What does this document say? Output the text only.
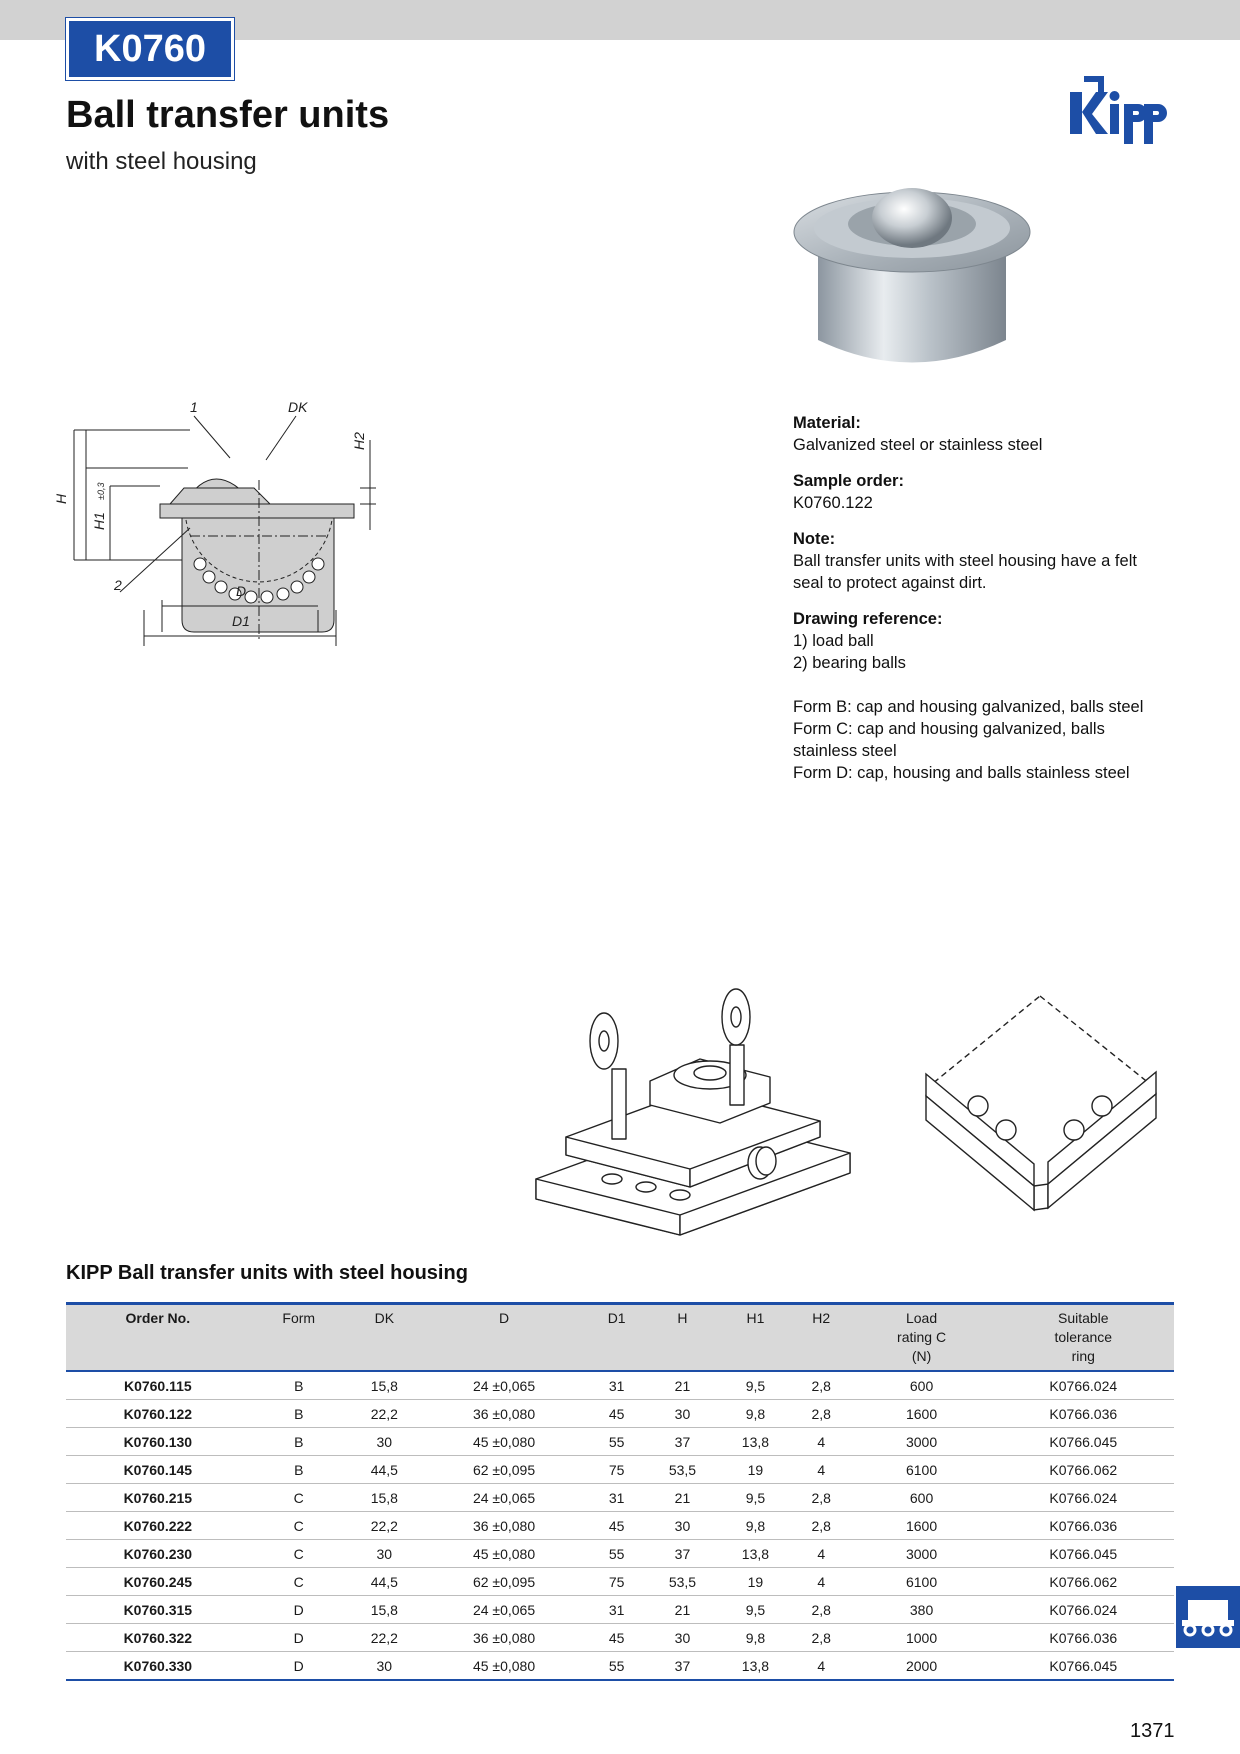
K0760
Ball transfer units
with steel housing
1	DK
H
H1
±0,3
H2
2	D
D1
Material:
Galvanized steel or stainless steel
Sample order:
K0760.122
Note:
Ball transfer units with steel housing have a felt
seal to protect against dirt.
Drawing reference:
1) load ball
2) bearing balls
Form B: cap and housing galvanized, balls steel
Form C: cap and housing galvanized, balls
stainless steel
Form D: cap, housing and balls stainless steel
KIPP Ball transfer units with steel housing
Order No.	Form	DK	D	D1	H	H1	H2	Load
rating C
(N)	Suitable
tolerance
ring
K0760.115	B	15,8	24 ±0,065	31	21	9,5	2,8	600	K0766.024
K0760.122	B	22,2	36 ±0,080	45	30	9,8	2,8	1600	K0766.036
K0760.130	B	30	45 ±0,080	55	37	13,8	4	3000	K0766.045
K0760.145	B	44,5	62 ±0,095	75	53,5	19	4	6100	K0766.062
K0760.215	C	15,8	24 ±0,065	31	21	9,5	2,8	600	K0766.024
K0760.222	C	22,2	36 ±0,080	45	30	9,8	2,8	1600	K0766.036
K0760.230	C	30	45 ±0,080	55	37	13,8	4	3000	K0766.045
K0760.245	C	44,5	62 ±0,095	75	53,5	19	4	6100	K0766.062
K0760.315	D	15,8	24 ±0,065	31	21	9,5	2,8	380	K0766.024
K0760.322	D	22,2	36 ±0,080	45	30	9,8	2,8	1000	K0766.036
K0760.330	D	30	45 ±0,080	55	37	13,8	4	2000	K0766.045
1371
